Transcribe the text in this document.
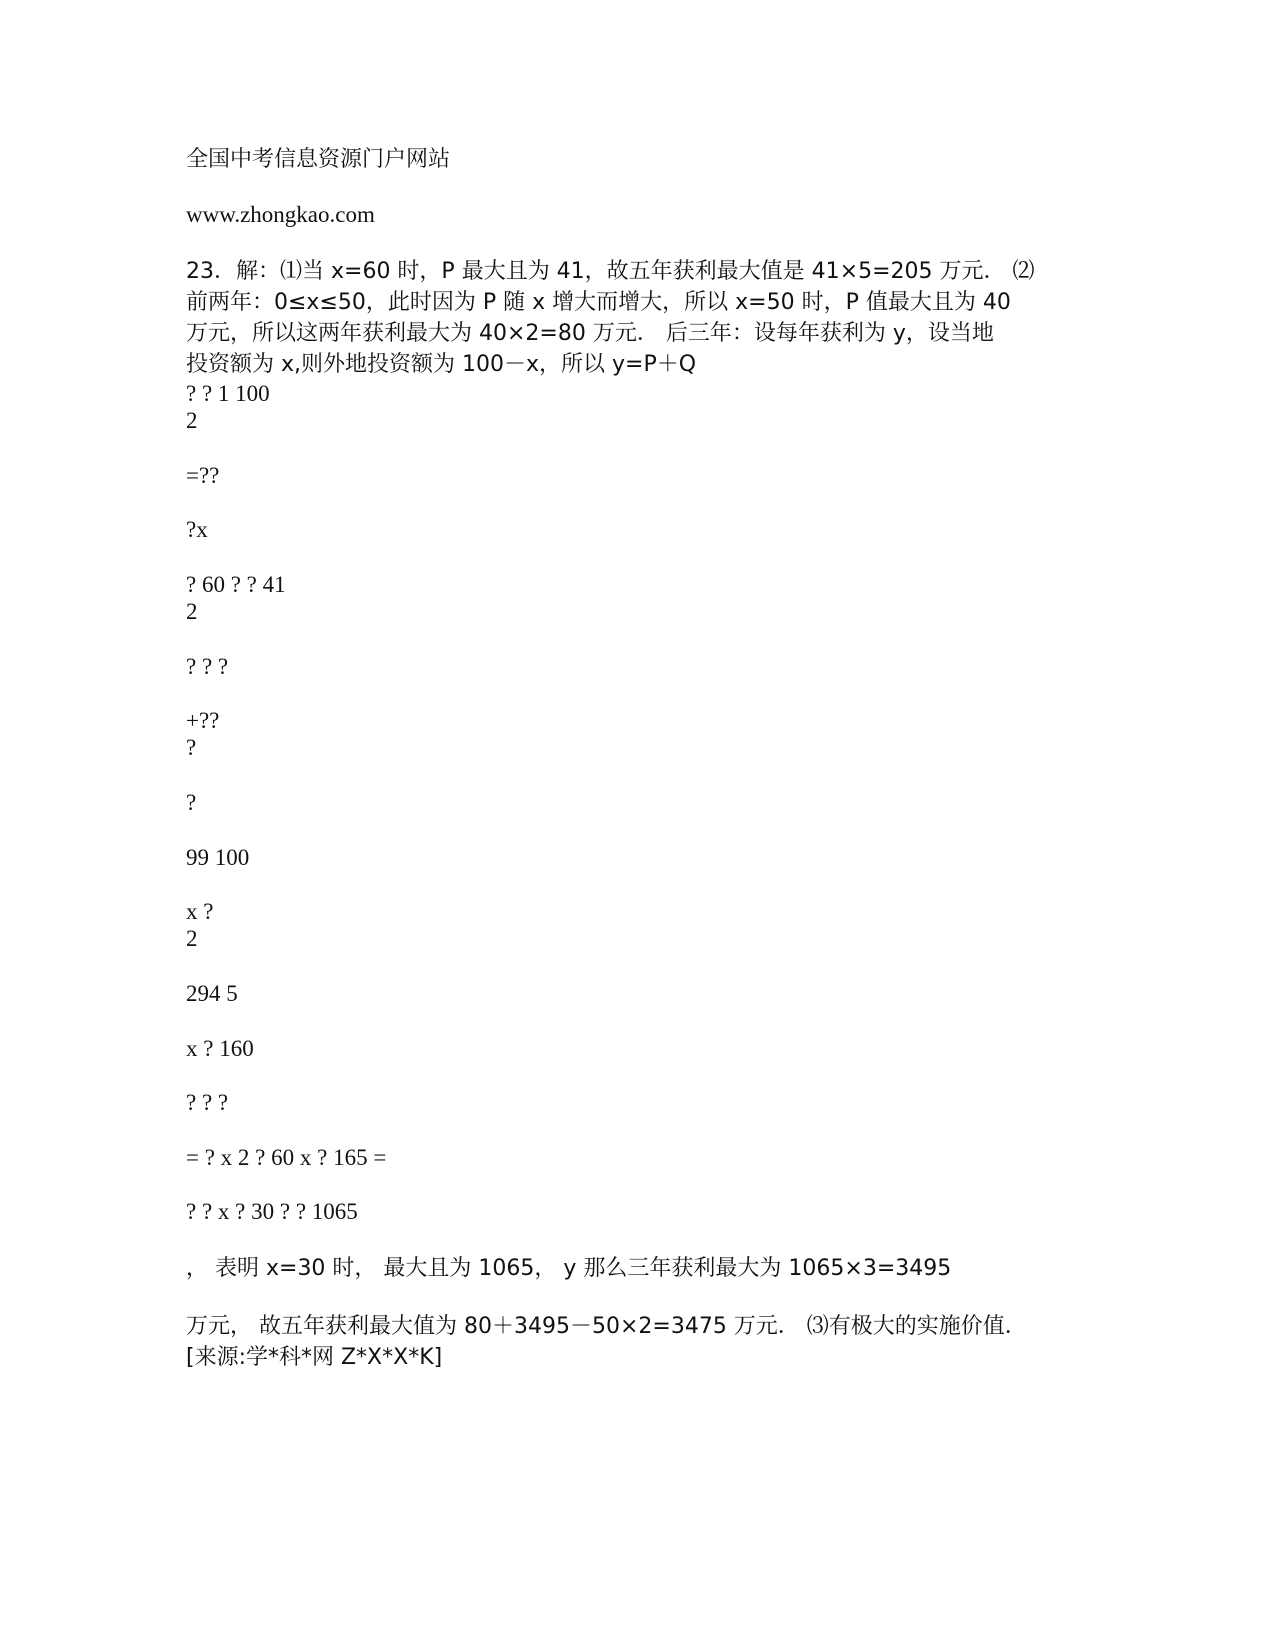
全国中考信息资源门户网站
www.zhongkao.com
23．解：⑴当 x=60 时，P 最大且为 41，故五年获利最大值是 41×5=205 万元． ⑵
前两年：0≤x≤50，此时因为 P 随 x 增大而增大，所以 x=50 时，P 值最大且为 40
万元，所以这两年获利最大为 40×2=80 万元． 后三年：设每年获利为 y，设当地
投资额为 x,则外地投资额为 100－x，所以 y=P＋Q
? ? 1 100
2
=??
?x
? 60 ? ? 41
2
? ? ?
+??
?
?
99 100
x ?
2
294 5
x ? 160
? ? ?
= ? x 2 ? 60 x ? 165 =
? ? x ? 30 ? ? 1065
， 表明 x=30 时， 最大且为 1065， y 那么三年获利最大为 1065×3=3495
万元， 故五年获利最大值为 80＋3495－50×2=3475 万元． ⑶有极大的实施价值．
[来源:学*科*网 Z*X*X*K]
